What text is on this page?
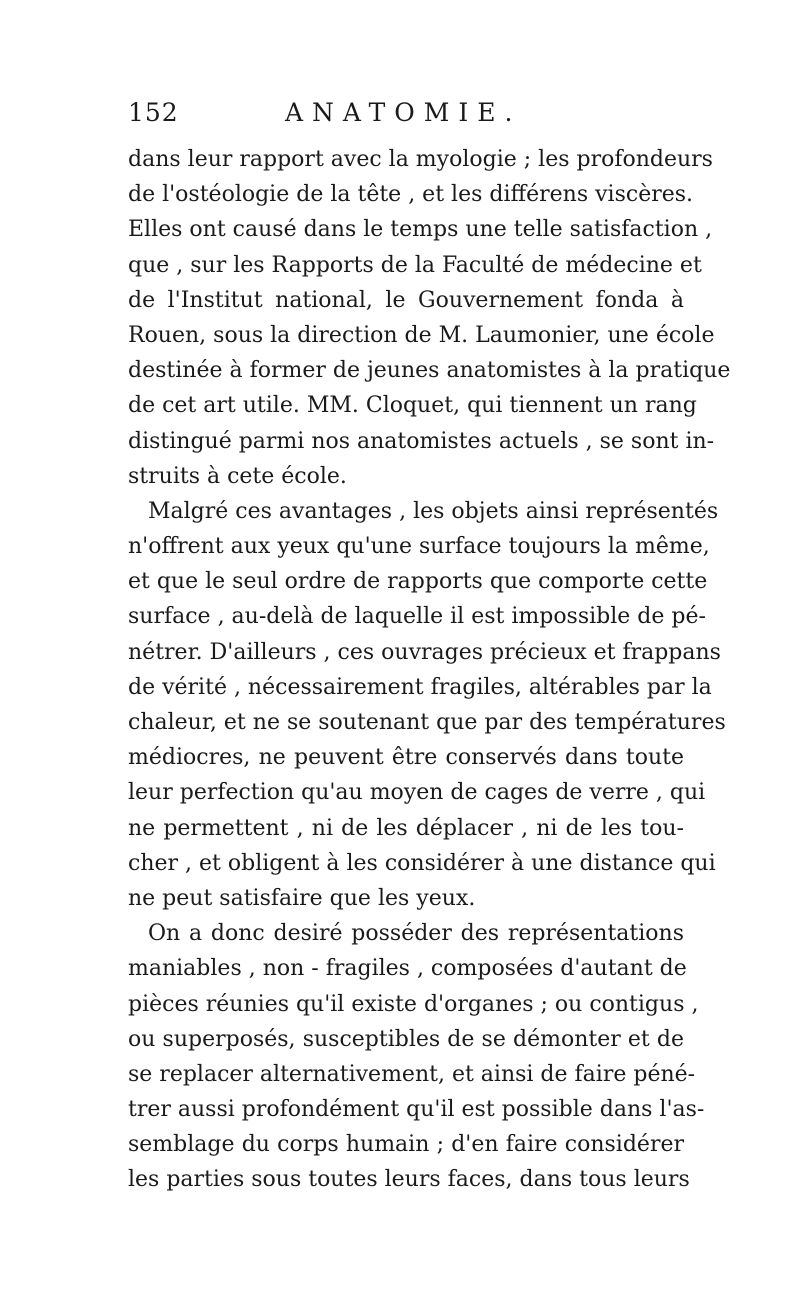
152	ANATOMIE.
dans leur rapport avec la myologie ; les profondeurs
de l'ostéologie de la tête , et les différens viscères.
Elles ont causé dans le temps une telle satisfaction ,
que , sur les Rapports de la Faculté de médecine et
de l'Institut national, le Gouvernement fonda à
Rouen, sous la direction de M. Laumonier, une école
destinée à former de jeunes anatomistes à la pratique
de cet art utile. MM. Cloquet, qui tiennent un rang
distingué parmi nos anatomistes actuels , se sont in-
struits à cete école.
Malgré ces avantages , les objets ainsi représentés
n'offrent aux yeux qu'une surface toujours la même,
et que le seul ordre de rapports que comporte cette
surface , au-delà de laquelle il est impossible de pé-
nétrer. D'ailleurs , ces ouvrages précieux et frappans
de vérité , nécessairement fragiles, altérables par la
chaleur, et ne se soutenant que par des températures
médiocres, ne peuvent être conservés dans toute
leur perfection qu'au moyen de cages de verre , qui
ne permettent , ni de les déplacer , ni de les tou-
cher , et obligent à les considérer à une distance qui
ne peut satisfaire que les yeux.
On a donc desiré posséder des représentations
maniables , non - fragiles , composées d'autant de
pièces réunies qu'il existe d'organes ; ou contigus ,
ou superposés, susceptibles de se démonter et de
se replacer alternativement, et ainsi de faire péné-
trer aussi profondément qu'il est possible dans l'as-
semblage du corps humain ; d'en faire considérer
les parties sous toutes leurs faces, dans tous leurs
